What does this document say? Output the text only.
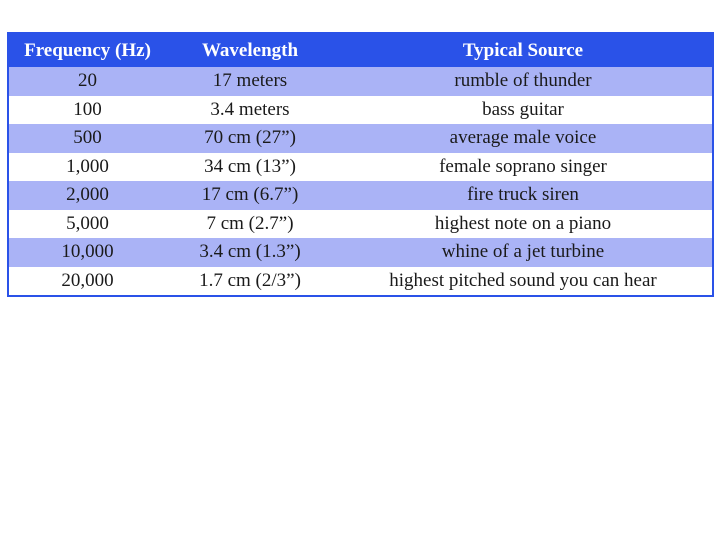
Frequency (Hz)	Wavelength	Typical Source
20	17 meters	rumble of thunder
100	3.4 meters	bass guitar
500	70 cm (27”)	average male voice
1,000	34 cm (13”)	female soprano singer
2,000	17 cm (6.7”)	fire truck siren
5,000	7 cm (2.7”)	highest note on a piano
10,000	3.4 cm (1.3”)	whine of a jet turbine
20,000	1.7 cm (2/3”)	highest pitched sound you can hear
